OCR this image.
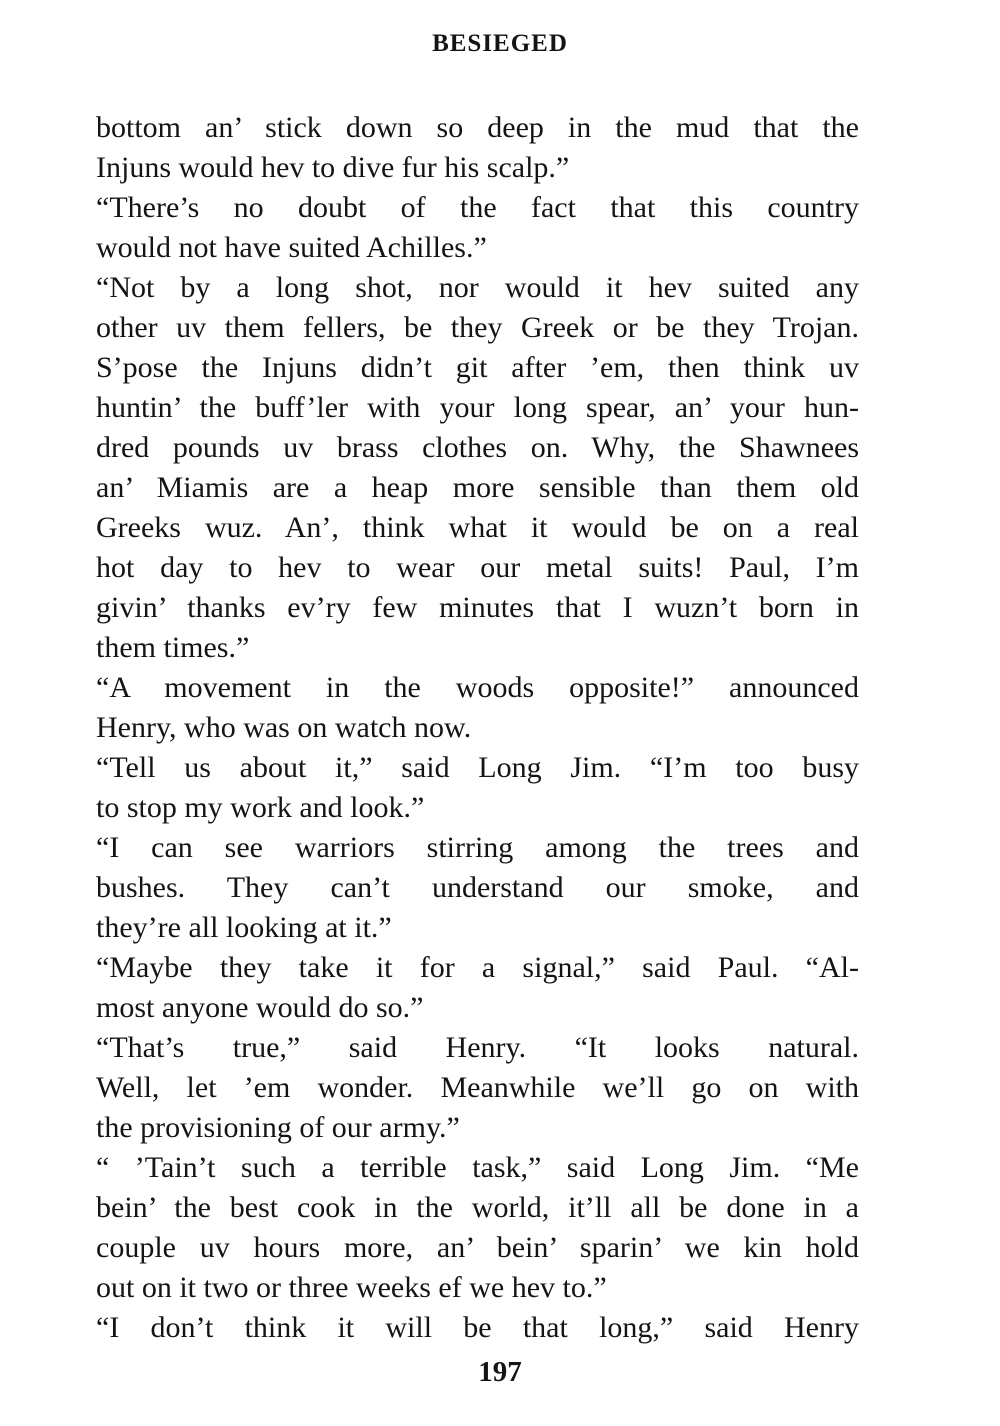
BESIEGED
bottom an’ stick down so deep in the mud that the
Injuns would hev to dive fur his scalp.”
“There’s no doubt of the fact that this country
would not have suited Achilles.”
“Not by a long shot, nor would it hev suited any
other uv them fellers, be they Greek or be they Trojan.
S’pose the Injuns didn’t git after ’em, then think uv
huntin’ the buff’ler with your long spear, an’ your hun-
dred pounds uv brass clothes on. Why, the Shawnees
an’ Miamis are a heap more sensible than them old
Greeks wuz. An’, think what it would be on a real
hot day to hev to wear our metal suits! Paul, I’m
givin’ thanks ev’ry few minutes that I wuzn’t born in
them times.”
“A movement in the woods opposite!” announced
Henry, who was on watch now.
“Tell us about it,” said Long Jim. “I’m too busy
to stop my work and look.”
“I can see warriors stirring among the trees and
bushes. They can’t understand our smoke, and
they’re all looking at it.”
“Maybe they take it for a signal,” said Paul. “Al-
most anyone would do so.”
“That’s true,” said Henry. “It looks natural.
Well, let ’em wonder. Meanwhile we’ll go on with
the provisioning of our army.”
“ ’Tain’t such a terrible task,” said Long Jim. “Me
bein’ the best cook in the world, it’ll all be done in a
couple uv hours more, an’ bein’ sparin’ we kin hold
out on it two or three weeks ef we hev to.”
“I don’t think it will be that long,” said Henry
197
